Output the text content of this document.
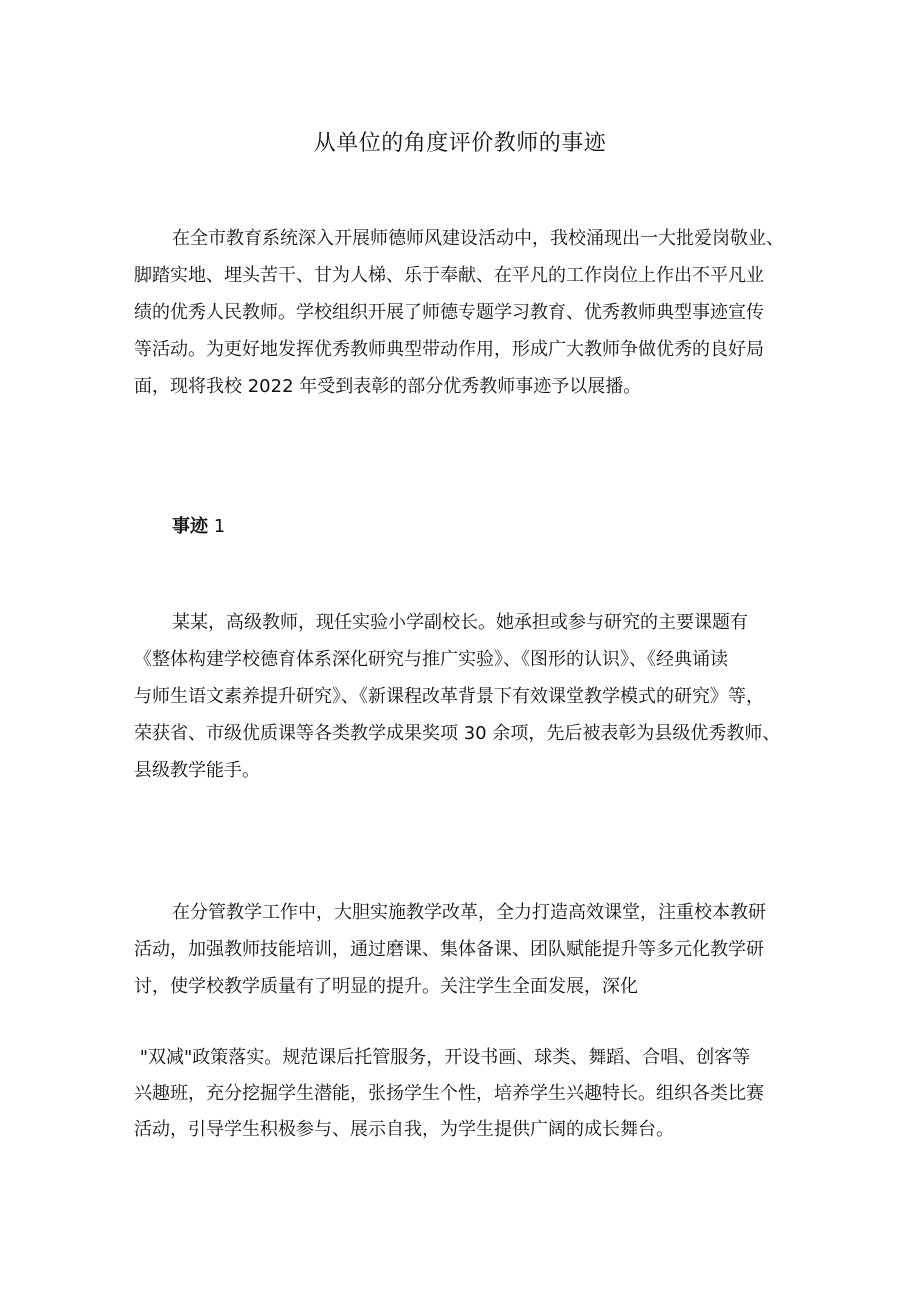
从单位的角度评价教师的事迹
在全市教育系统深入开展师德师风建设活动中，我校涌现出一大批爱岗敬业、
脚踏实地、埋头苦干、甘为人梯、乐于奉献、在平凡的工作岗位上作出不平凡业
绩的优秀人民教师。学校组织开展了师德专题学习教育、优秀教师典型事迹宣传
等活动。为更好地发挥优秀教师典型带动作用，形成广大教师争做优秀的良好局
面，现将我校 2022 年受到表彰的部分优秀教师事迹予以展播。
事迹 1
某某，高级教师，现任实验小学副校长。她承担或参与研究的主要课题有
《整体构建学校德育体系深化研究与推广实验》、《图形的认识》、《经典诵读
与师生语文素养提升研究》、《新课程改革背景下有效课堂教学模式的研究》等，
荣获省、市级优质课等各类教学成果奖项 30 余项，先后被表彰为县级优秀教师、
县级教学能手。
在分管教学工作中，大胆实施教学改革，全力打造高效课堂，注重校本教研
活动，加强教师技能培训，通过磨课、集体备课、团队赋能提升等多元化教学研
讨，使学校教学质量有了明显的提升。关注学生全面发展，深化
"双减"政策落实。规范课后托管服务，开设书画、球类、舞蹈、合唱、创客等
兴趣班，充分挖掘学生潜能，张扬学生个性，培养学生兴趣特长。组织各类比赛
活动，引导学生积极参与、展示自我，为学生提供广阔的成长舞台。
